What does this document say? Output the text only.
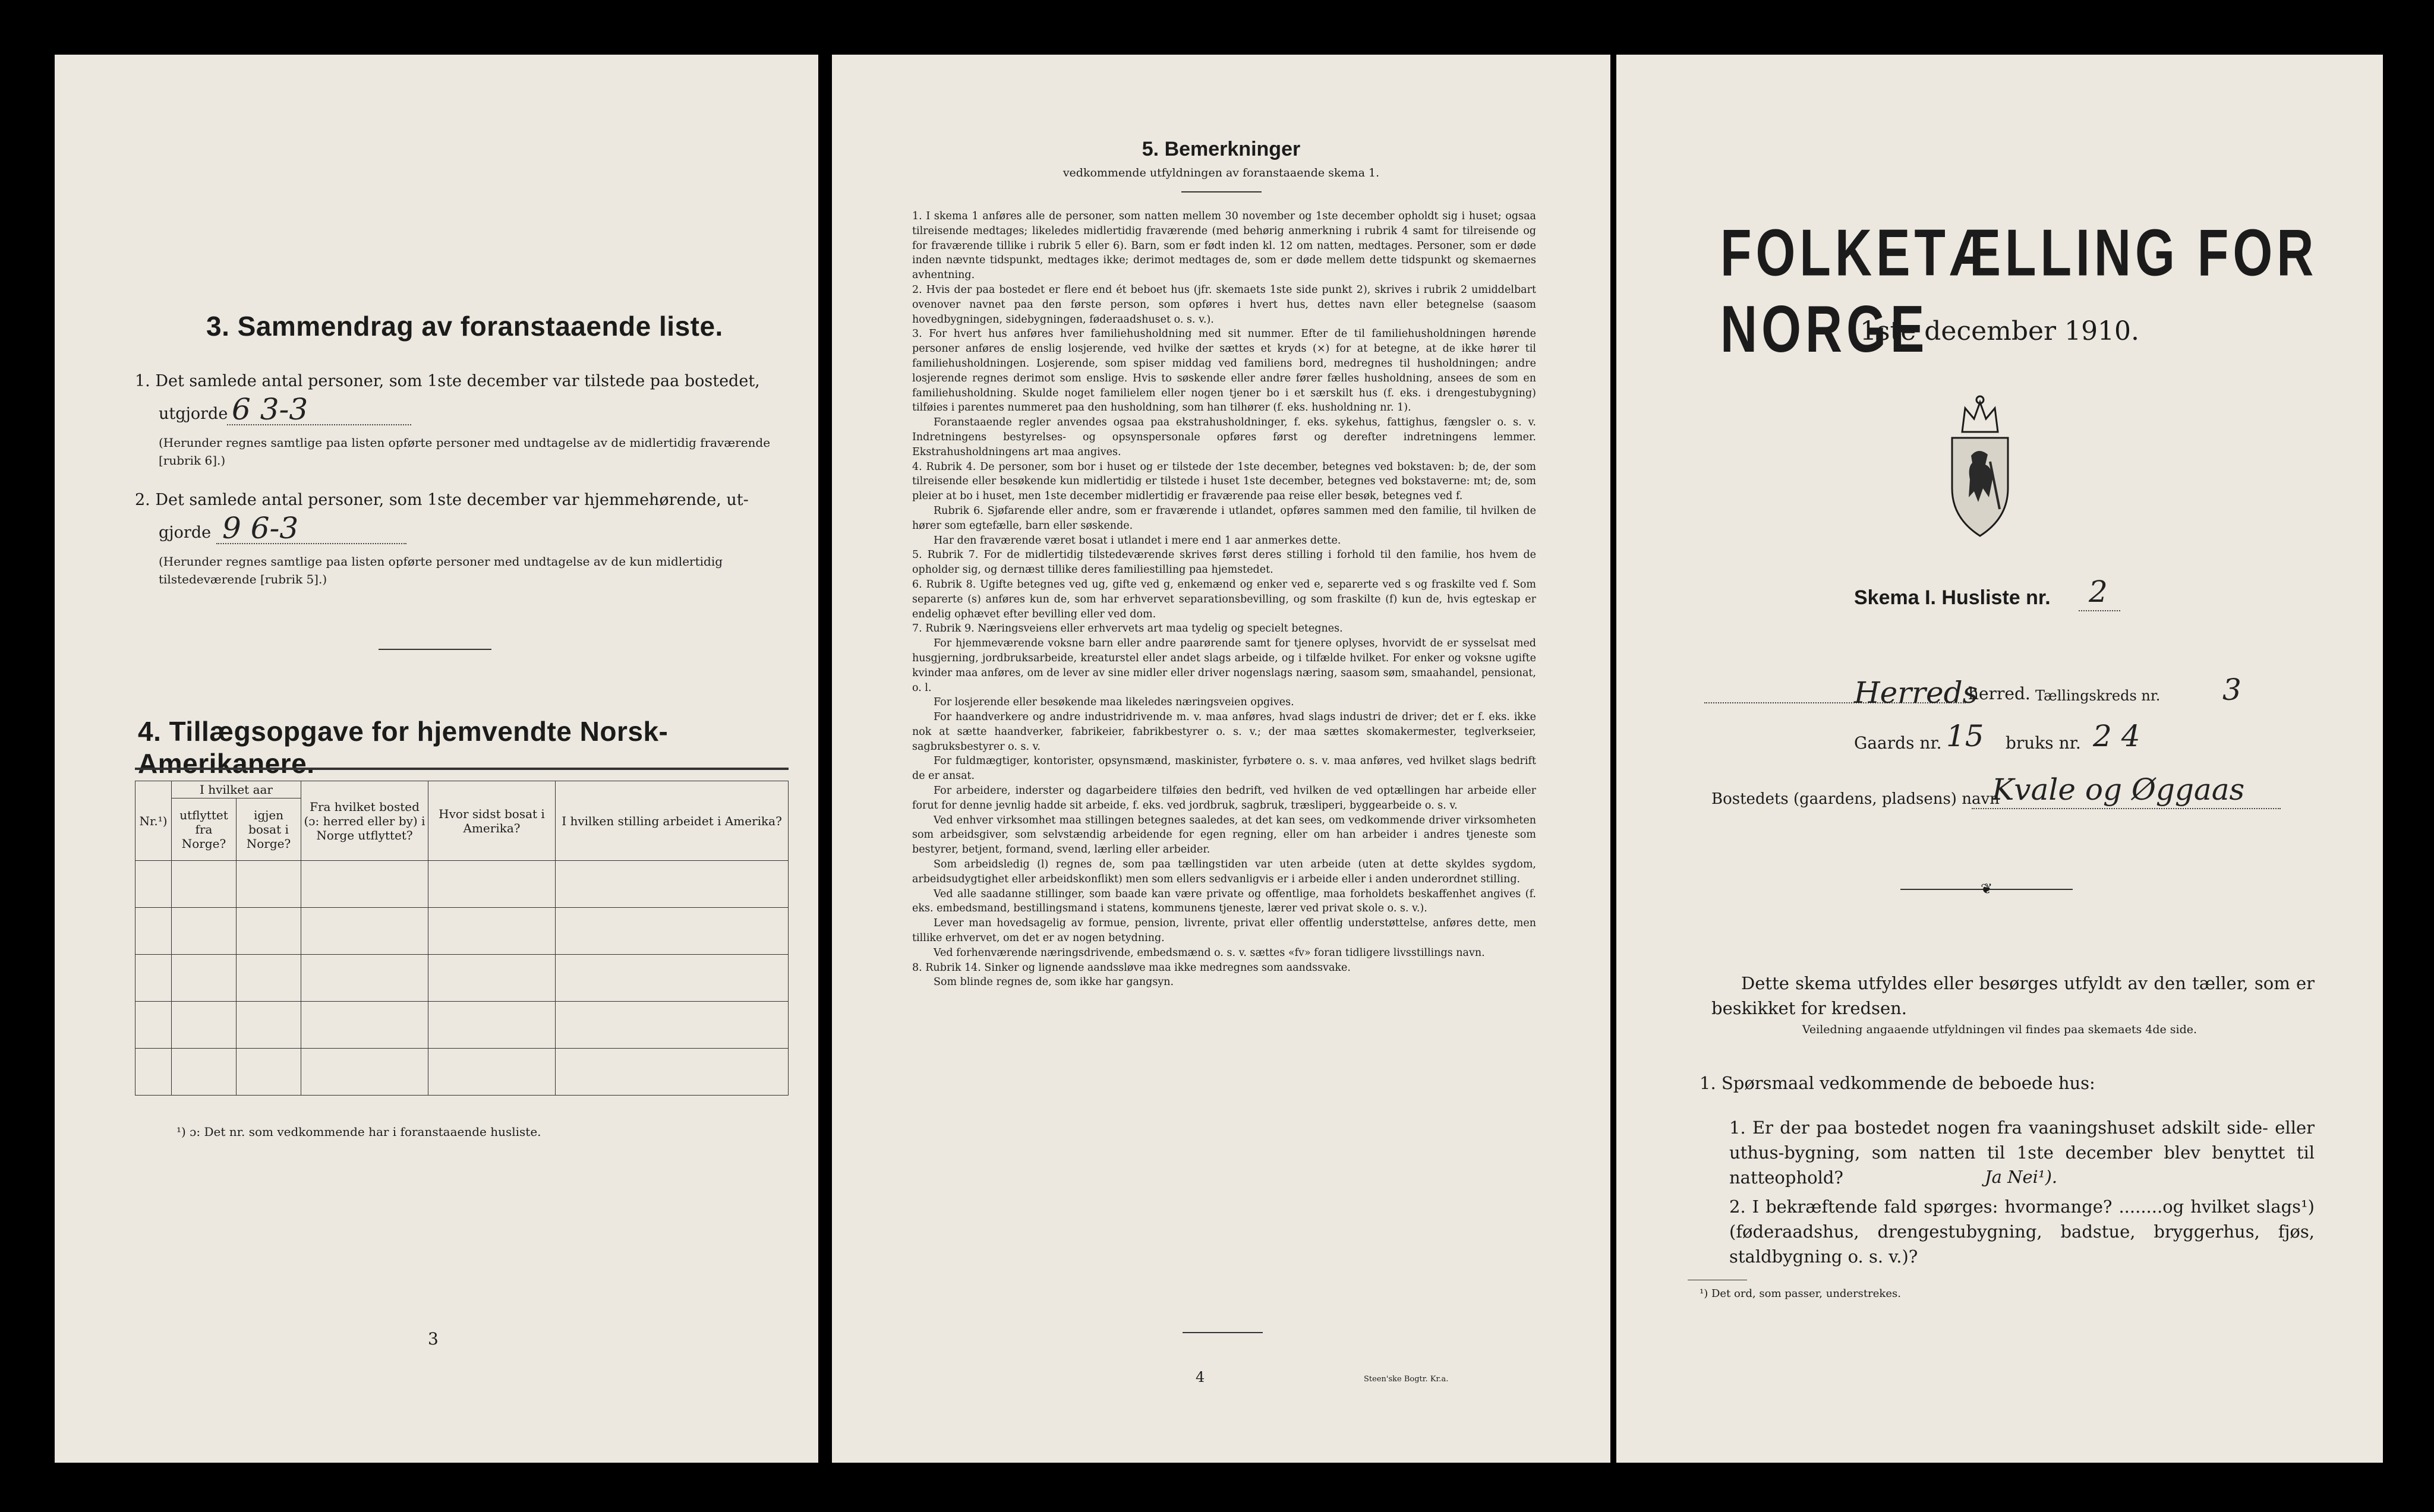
3. Sammendrag av foranstaaende liste.
1. Det samlede antal personer, som 1ste december var tilstede paa bostedet,
utgjorde 6 3-3
(Herunder regnes samtlige paa listen opførte personer med undtagelse av de midlertidig fraværende [rubrik 6].)
2. Det samlede antal personer, som 1ste december var hjemmehørende, ut-
gjorde 9 6-3
(Herunder regnes samtlige paa listen opførte personer med undtagelse av de kun midlertidig tilstedeværende [rubrik 5].)
4. Tillægsopgave for hjemvendte Norsk-Amerikanere.
Nr.¹)	I hvilket aar		Fra hvilket bosted (ɔ: herred eller by) i Norge utflyttet?	Hvor sidst bosat i Amerika?	I hvilken stilling arbeidet i Amerika?
	utflyttet fra Norge?	igjen bosat i Norge?			

¹) ɔ: Det nr. som vedkommende har i foranstaaende husliste.
3
5. Bemerkninger
vedkommende utfyldningen av foranstaaende skema 1.

1. I skema 1 anføres alle de personer, som natten mellem 30 november og 1ste december opholdt sig i huset; ogsaa tilreisende medtages; likeledes midlertidig fraværende (med behørig anmerkning i rubrik 4 samt for tilreisende og for fraværende tillike i rubrik 5 eller 6). Barn, som er født inden kl. 12 om natten, medtages. Personer, som er døde inden nævnte tidspunkt, medtages ikke; derimot medtages de, som er døde mellem dette tidspunkt og skemaernes avhentning.

2. Hvis der paa bostedet er flere end ét beboet hus (jfr. skemaets 1ste side punkt 2), skrives i rubrik 2 umiddelbart ovenover navnet paa den første person, som opføres i hvert hus, dettes navn eller betegnelse (saasom hovedbygningen, sidebygningen, føderaadshuset o. s. v.).

3. For hvert hus anføres hver familiehusholdning med sit nummer. Efter de til familiehusholdningen hørende personer anføres de enslig losjerende, ved hvilke der sættes et kryds (×) for at betegne, at de ikke hører til familiehusholdningen. Losjerende, som spiser middag ved familiens bord, medregnes til husholdningen; andre losjerende regnes derimot som enslige. Hvis to søskende eller andre fører fælles husholdning, ansees de som en familiehusholdning. Skulde noget familielem eller nogen tjener bo i et særskilt hus (f. eks. i drengestubygning) tilføies i parentes nummeret paa den husholdning, som han tilhører (f. eks. husholdning nr. 1).

Foranstaaende regler anvendes ogsaa paa ekstrahusholdninger, f. eks. sykehus, fattighus, fængsler o. s. v. Indretningens bestyrelses- og opsynspersonale opføres først og derefter indretningens lemmer. Ekstrahusholdningens art maa angives.

4. Rubrik 4. De personer, som bor i huset og er tilstede der 1ste december, betegnes ved bokstaven: b; de, der som tilreisende eller besøkende kun midlertidig er tilstede i huset 1ste december, betegnes ved bokstaverne: mt; de, som pleier at bo i huset, men 1ste december midlertidig er fraværende paa reise eller besøk, betegnes ved f.

Rubrik 6. Sjøfarende eller andre, som er fraværende i utlandet, opføres sammen med den familie, til hvilken de hører som egtefælle, barn eller søskende.

Har den fraværende været bosat i utlandet i mere end 1 aar anmerkes dette.

5. Rubrik 7. For de midlertidig tilstedeværende skrives først deres stilling i forhold til den familie, hos hvem de opholder sig, og dernæst tillike deres familiestilling paa hjemstedet.

6. Rubrik 8. Ugifte betegnes ved ug, gifte ved g, enkemænd og enker ved e, separerte ved s og fraskilte ved f. Som separerte (s) anføres kun de, som har erhvervet separationsbevilling, og som fraskilte (f) kun de, hvis egteskap er endelig ophævet efter bevilling eller ved dom.

7. Rubrik 9. Næringsveiens eller erhvervets art maa tydelig og specielt betegnes.

For hjemmeværende voksne barn eller andre paarørende samt for tjenere oplyses, hvorvidt de er sysselsat med husgjerning, jordbruksarbeide, kreaturstel eller andet slags arbeide, og i tilfælde hvilket. For enker og voksne ugifte kvinder maa anføres, om de lever av sine midler eller driver nogenslags næring, saasom søm, smaahandel, pensionat, o. l.

For losjerende eller besøkende maa likeledes næringsveien opgives.

For haandverkere og andre industridrivende m. v. maa anføres, hvad slags industri de driver; det er f. eks. ikke nok at sætte haandverker, fabrikeier, fabrikbestyrer o. s. v.; der maa sættes skomakermester, teglverkseier, sagbruksbestyrer o. s. v.

For fuldmægtiger, kontorister, opsynsmænd, maskinister, fyrbøtere o. s. v. maa anføres, ved hvilket slags bedrift de er ansat.

For arbeidere, inderster og dagarbeidere tilføies den bedrift, ved hvilken de ved optællingen har arbeide eller forut for denne jevnlig hadde sit arbeide, f. eks. ved jordbruk, sagbruk, træsliperi, byggearbeide o. s. v.

Ved enhver virksomhet maa stillingen betegnes saaledes, at det kan sees, om vedkommende driver virksomheten som arbeidsgiver, som selvstændig arbeidende for egen regning, eller om han arbeider i andres tjeneste som bestyrer, betjent, formand, svend, lærling eller arbeider.

Som arbeidsledig (l) regnes de, som paa tællingstiden var uten arbeide (uten at dette skyldes sygdom, arbeidsudygtighet eller arbeidskonflikt) men som ellers sedvanligvis er i arbeide eller i anden underordnet stilling.

Ved alle saadanne stillinger, som baade kan være private og offentlige, maa forholdets beskaffenhet angives (f. eks. embedsmand, bestillingsmand i statens, kommunens tjeneste, lærer ved privat skole o. s. v.).

Lever man hovedsagelig av formue, pension, livrente, privat eller offentlig understøttelse, anføres dette, men tillike erhvervet, om det er av nogen betydning.

Ved forhenværende næringsdrivende, embedsmænd o. s. v. sættes «fv» foran tidligere livsstillings navn.

8. Rubrik 14. Sinker og lignende aandssløve maa ikke medregnes som aandssvake.

Som blinde regnes de, som ikke har gangsyn.

4	Steen'ske Bogtr. Kr.a.
FOLKETÆLLING FOR NORGE
1ste december 1910.
Skema I. Husliste nr. 2
Herreds
herred. Tællingskreds nr. 3
Gaards nr. 15 bruks nr. 2 4
Bostedets (gaardens, pladsens) navn
Kvale og Øggaas
❦
Dette skema utfyldes eller besørges utfyldt av den tæller, som er beskikket for kredsen.
Veiledning angaaende utfyldningen vil findes paa skemaets 4de side.
1. Spørsmaal vedkommende de beboede hus:
1. Er der paa bostedet nogen fra vaaningshuset adskilt side- eller uthus-bygning, som natten til 1ste december blev benyttet til natteophold?	Ja Nei¹).
2. I bekræftende fald spørges: hvormange? ........og hvilket slags¹) (føderaadshus, drengestubygning, badstue, bryggerhus, fjøs, staldbygning o. s. v.)?
¹) Det ord, som passer, understrekes.
